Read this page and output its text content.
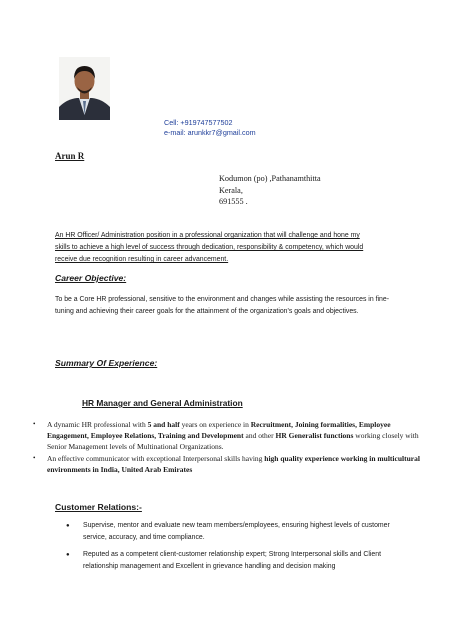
Cell: +919747577502
e-mail: arunkkr7@gmail.com
Arun R
Kodumon (po) ,Pathanamthitta
Kerala,
691555 .
An HR Officer/ Administration position in a professional organization that will challenge and hone my
skills to achieve a high level of success through dedication, responsibility & competency, which would
receive due recognition resulting in career advancement.
Career Objective:
To be a Core HR professional, sensitive to the environment and changes while assisting the resources in fine-tuning and achieving their career goals for the attainment of the organization's goals and objectives.
Summary Of Experience:
HR Manager and General Administration
• A dynamic HR professional with 5 and half years on experience in Recruitment, Joining formalities, Employee Engagement, Employee Relations, Training and Development and other HR Generalist functions working closely with Senior Management levels of Multinational Organizations.
• An effective communicator with exceptional Interpersonal skills having high quality experience working in multicultural environments in India, United Arab Emirates
Customer Relations:-
● Supervise, mentor and evaluate new team members/employees, ensuring highest levels of customer service, accuracy, and time compliance.
● Reputed as a competent client-customer relationship expert; Strong Interpersonal skills and Client relationship management and Excellent in grievance handling and decision making
